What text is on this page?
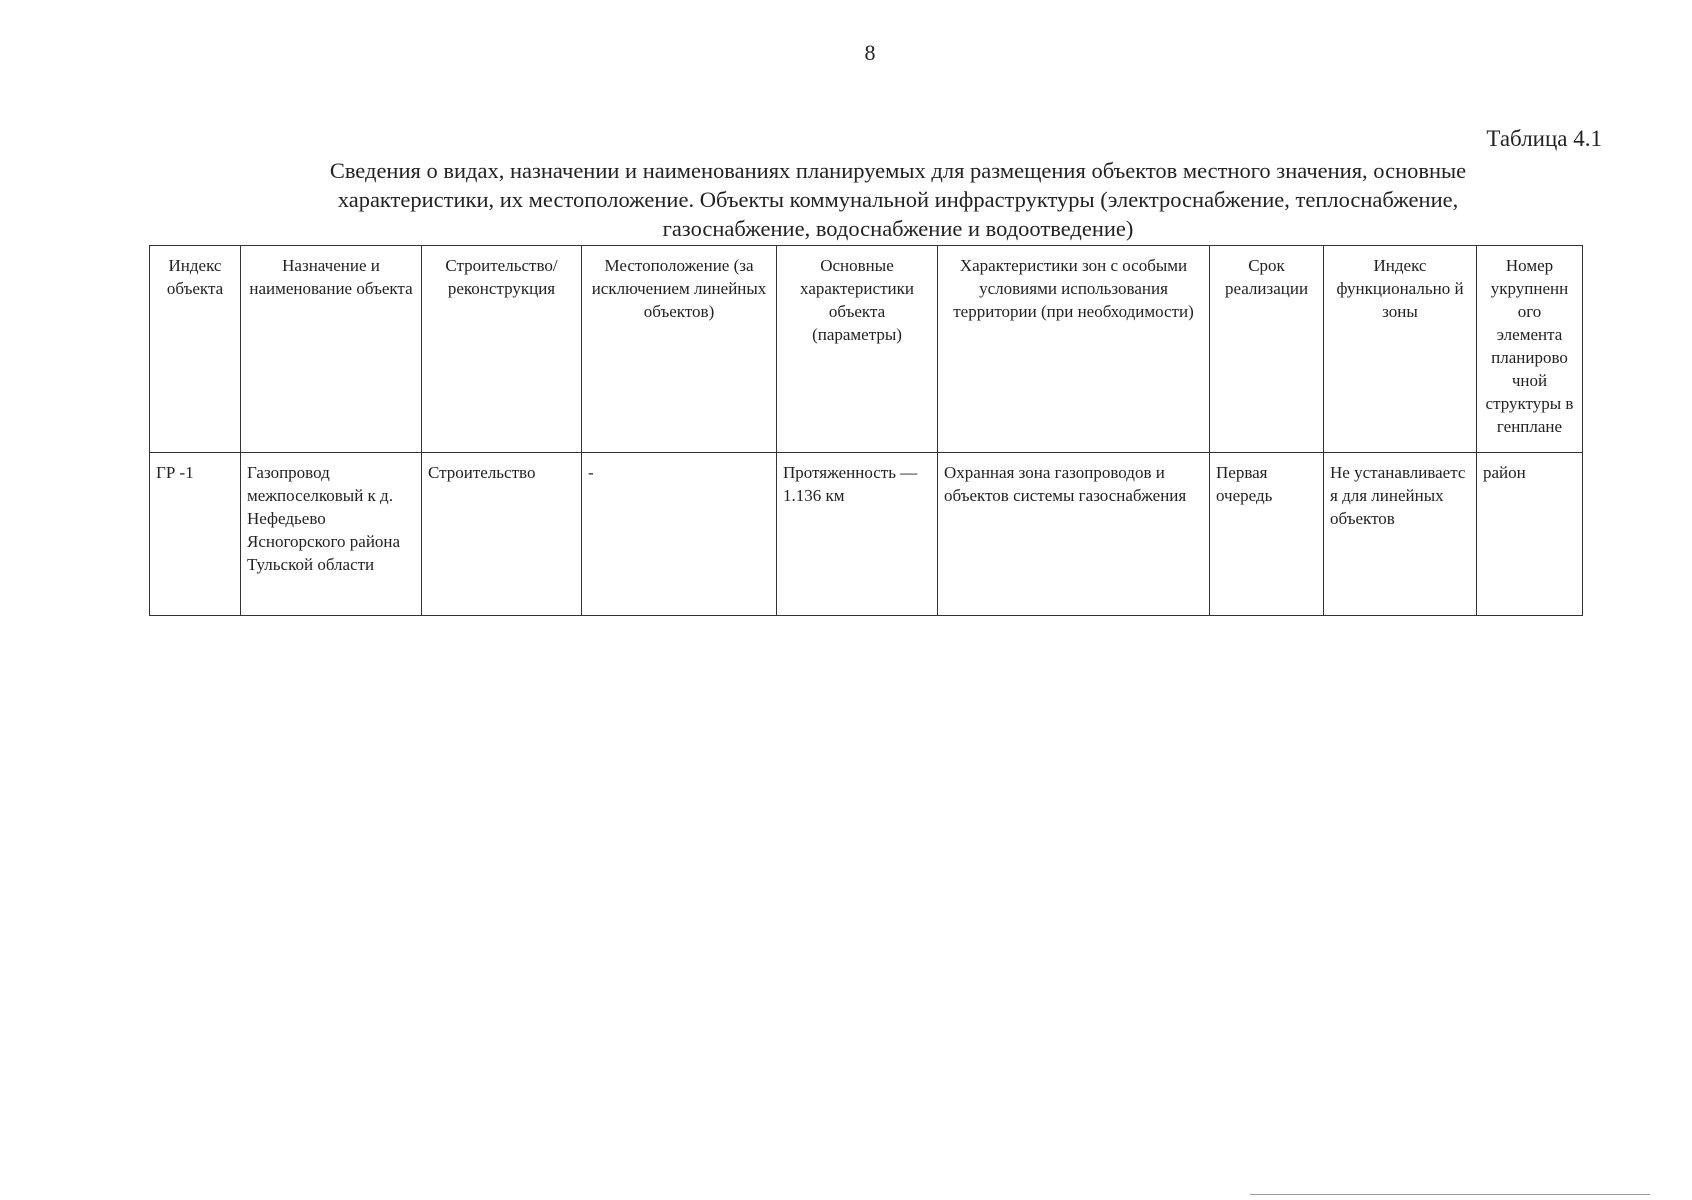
8
Таблица 4.1
Сведения о видах, назначении и наименованиях планируемых для размещения объектов местного значения, основные
характеристики, их местоположение. Объекты коммунальной инфраструктуры (электроснабжение, теплоснабжение,
газоснабжение, водоснабжение и водоотведение)
Индекс объекта	Назначение и наименование объекта	Строительство/ реконструкция	Местоположение (за исключением линейных объектов)	Основные характеристики объекта (параметры)	Характеристики зон с особыми условиями использования территории (при необходимости)	Срок реализации	Индекс функционально й зоны	Номер укрупненн ого элемента планирово чной структуры в генплане
ГР -1	Газопровод межпоселковый к д. Нефедьево Ясногорского района Тульской области	Строительство	-	Протяженность — 1.136 км	Охранная зона газопроводов и объектов системы газоснабжения	Первая очередь	Не устанавливаетс я для линейных объектов	район
